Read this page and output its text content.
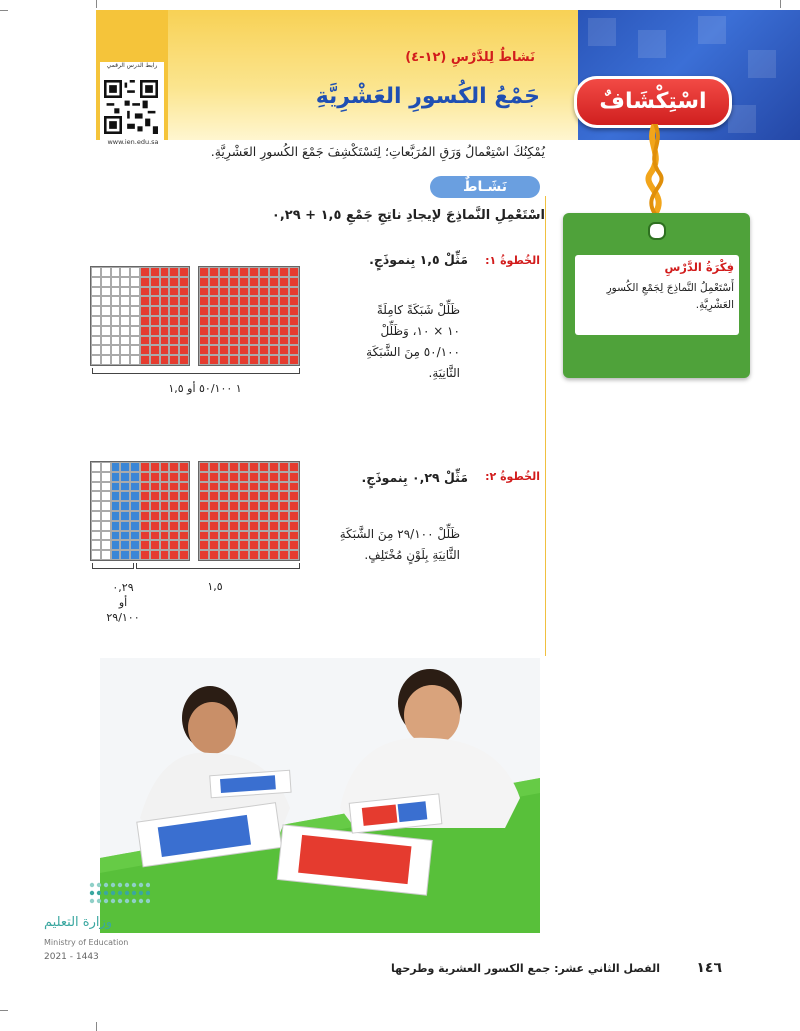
رابط الدرس الرقمي
www.ien.edu.sa
نَشاطٌ لِلدَّرْسِ (١٢-٤)
جَمْعُ الكُسورِ العَشْرِيَّةِ	اسْتِكْشَافٌ
فِكْرَةُ الدَّرْسِ
أَسْتَعْمِلُ النَّماذِجَ لِجَمْعِ الكُسورِ العَشْرِيَّةِ.
يُمْكِنُكَ اسْتِعْمالُ وَرَقِ المُرَبَّعاتِ؛ لِتَسْتَكْشِفَ جَمْعَ الكُسورِ العَشْرِيَّةِ.
نَشَـاطٌ
اسْتَعْمِلِ النَّماذِجَ لإيجادِ ناتِجِ جَمْعِ ١,٥ + ٠,٢٩
الخُطوةُ ١:
مَثِّلْ ١,٥ بِنموذَجٍ.
ظَلِّلْ شَبَكَةً كامِلَةً
١٠ × ١٠، وَظَلِّلْ
٥٠/١٠٠ مِنَ الشَّبَكَةِ
الثَّانِيَةِ.
١ ٥٠/١٠٠ أو ١,٥
الخُطوةُ ٢:
مَثِّلْ ٠,٢٩ بِنموذَجٍ.
ظَلِّلْ ٢٩/١٠٠ مِنَ الشَّبَكَةِ
الثَّانِيَةِ بِلَوْنٍ مُخْتَلِفٍ.
١,٥
٠,٢٩
أو
٢٩/١٠٠
الفصل الثاني عشر: جمع الكسور العشرية وطرحها	١٤٦
وزارة التعليم
Ministry of Education
2021 - 1443
